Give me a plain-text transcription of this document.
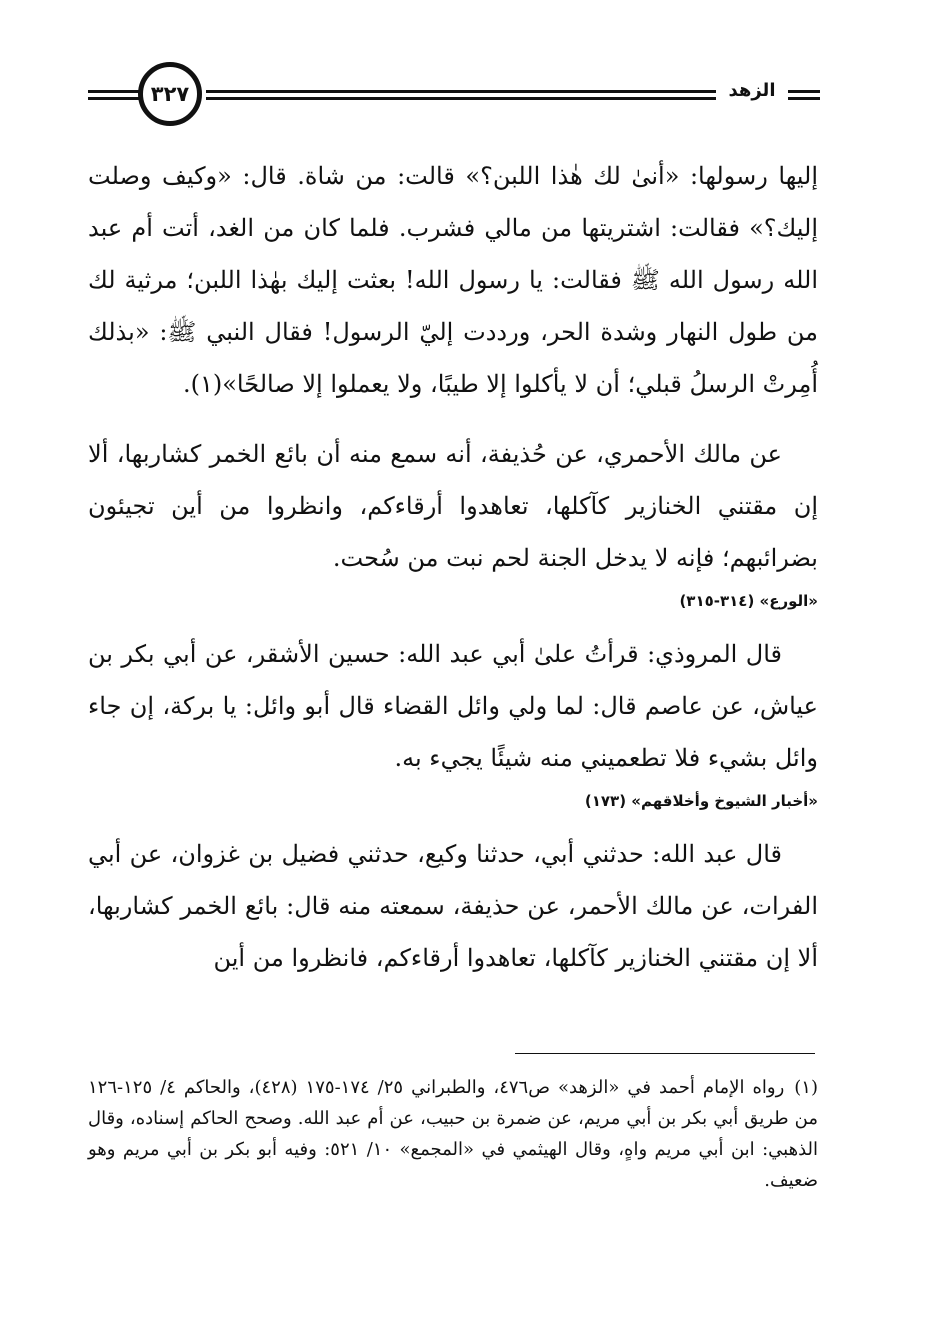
٣٢٧	الزهد

إليها رسولها: «أنىٰ لك هٰذا اللبن؟» قالت: من شاة. قال: «وكيف وصلت إليك؟» فقالت: اشتريتها من مالي فشرب. فلما كان من الغد، أتت أم عبد الله رسول الله ﷺ فقالت: يا رسول الله! بعثت إليك بهٰذا اللبن؛ مرثية لك من طول النهار وشدة الحر، ورددت إليّ الرسول! فقال النبي ﷺ: «بذلك أُمِرتْ الرسلُ قبلي؛ أن لا يأكلوا إلا طيبًا، ولا يعملوا إلا صالحًا»(١).

عن مالك الأحمري، عن حُذيفة، أنه سمع منه أن بائع الخمر كشاربها، ألا إن مقتني الخنازير كآكلها، تعاهدوا أرقاءكم، وانظروا من أين تجيئون بضرائبهم؛ فإنه لا يدخل الجنة لحم نبت من سُحت.

«الورع» (٣١٤-٣١٥)

قال المروذي: قرأتُ علىٰ أبي عبد الله: حسين الأشقر، عن أبي بكر بن عياش، عن عاصم قال: لما ولي وائل القضاء قال أبو وائل: يا بركة، إن جاء وائل بشيء فلا تطعميني منه شيئًا يجيء به.

«أخبار الشيوخ وأخلاقهم» (١٧٣)

قال عبد الله: حدثني أبي، حدثنا وكيع، حدثني فضيل بن غزوان، عن أبي الفرات، عن مالك الأحمر، عن حذيفة، سمعته منه قال: بائع الخمر كشاربها، ألا إن مقتني الخنازير كآكلها، تعاهدوا أرقاءكم، فانظروا من أين

(١)رواه الإمام أحمد في «الزهد» ص٤٧٦، والطبراني ٢٥/ ١٧٤-١٧٥ (٤٢٨)، والحاكم ٤/ ١٢٥-١٢٦ من طريق أبي بكر بن أبي مريم، عن ضمرة بن حبيب، عن أم عبد الله. وصحح الحاكم إسناده، وقال الذهبي: ابن أبي مريم واهٍ، وقال الهيثمي في «المجمع» ١٠/ ٥٢١: وفيه أبو بكر بن أبي مريم وهو ضعيف.
